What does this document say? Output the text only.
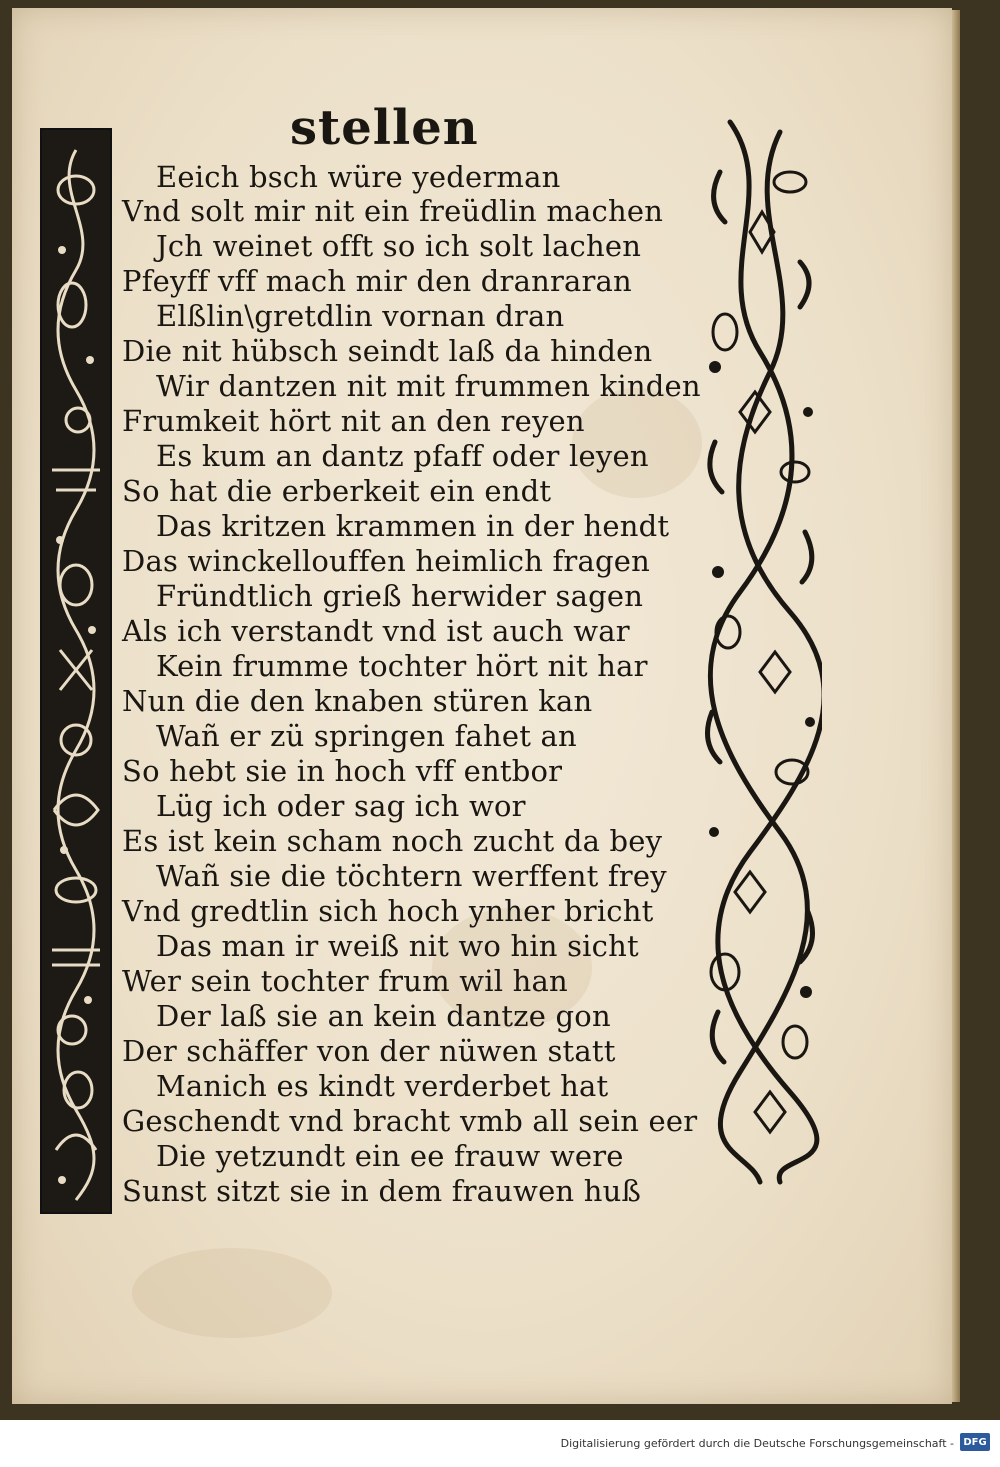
stellen
Eeich bsch würe yederman
Vnd solt mir nit ein freüdlin machen
Jch weinet offt so ich solt lachen
Pfeyff vff mach mir den dranraran
Elßlin\gretdlin vornan dran
Die nit hübsch seindt laß da hinden
Wir dantzen nit mit frummen kinden
Frumkeit hört nit an den reyen
Es kum an dantz pfaff oder leyen
So hat die erberkeit ein endt
Das kritzen krammen in der hendt
Das winckellouffen heimlich fragen
Fründtlich grieß herwider sagen
Als ich verstandt vnd ist auch war
Kein frumme tochter hört nit har
Nun die den knaben stüren kan
Wañ er zü springen fahet an
So hebt sie in hoch vff entbor
Lüg ich oder sag ich wor
Es ist kein scham noch zucht da bey
Wañ sie die töchtern werffent frey
Vnd gredtlin sich hoch ynher bricht
Das man ir weiß nit wo hin sicht
Wer sein tochter frum wil han
Der laß sie an kein dantze gon
Der schäffer von der nüwen statt
Manich es kindt verderbet hat
Geschendt vnd bracht vmb all sein eer
Die yetzundt ein ee frauw were
Sunst sitzt sie in dem frauwen huß
Digitalisierung gefördert durch die Deutsche Forschungsgemeinschaft - DFG
